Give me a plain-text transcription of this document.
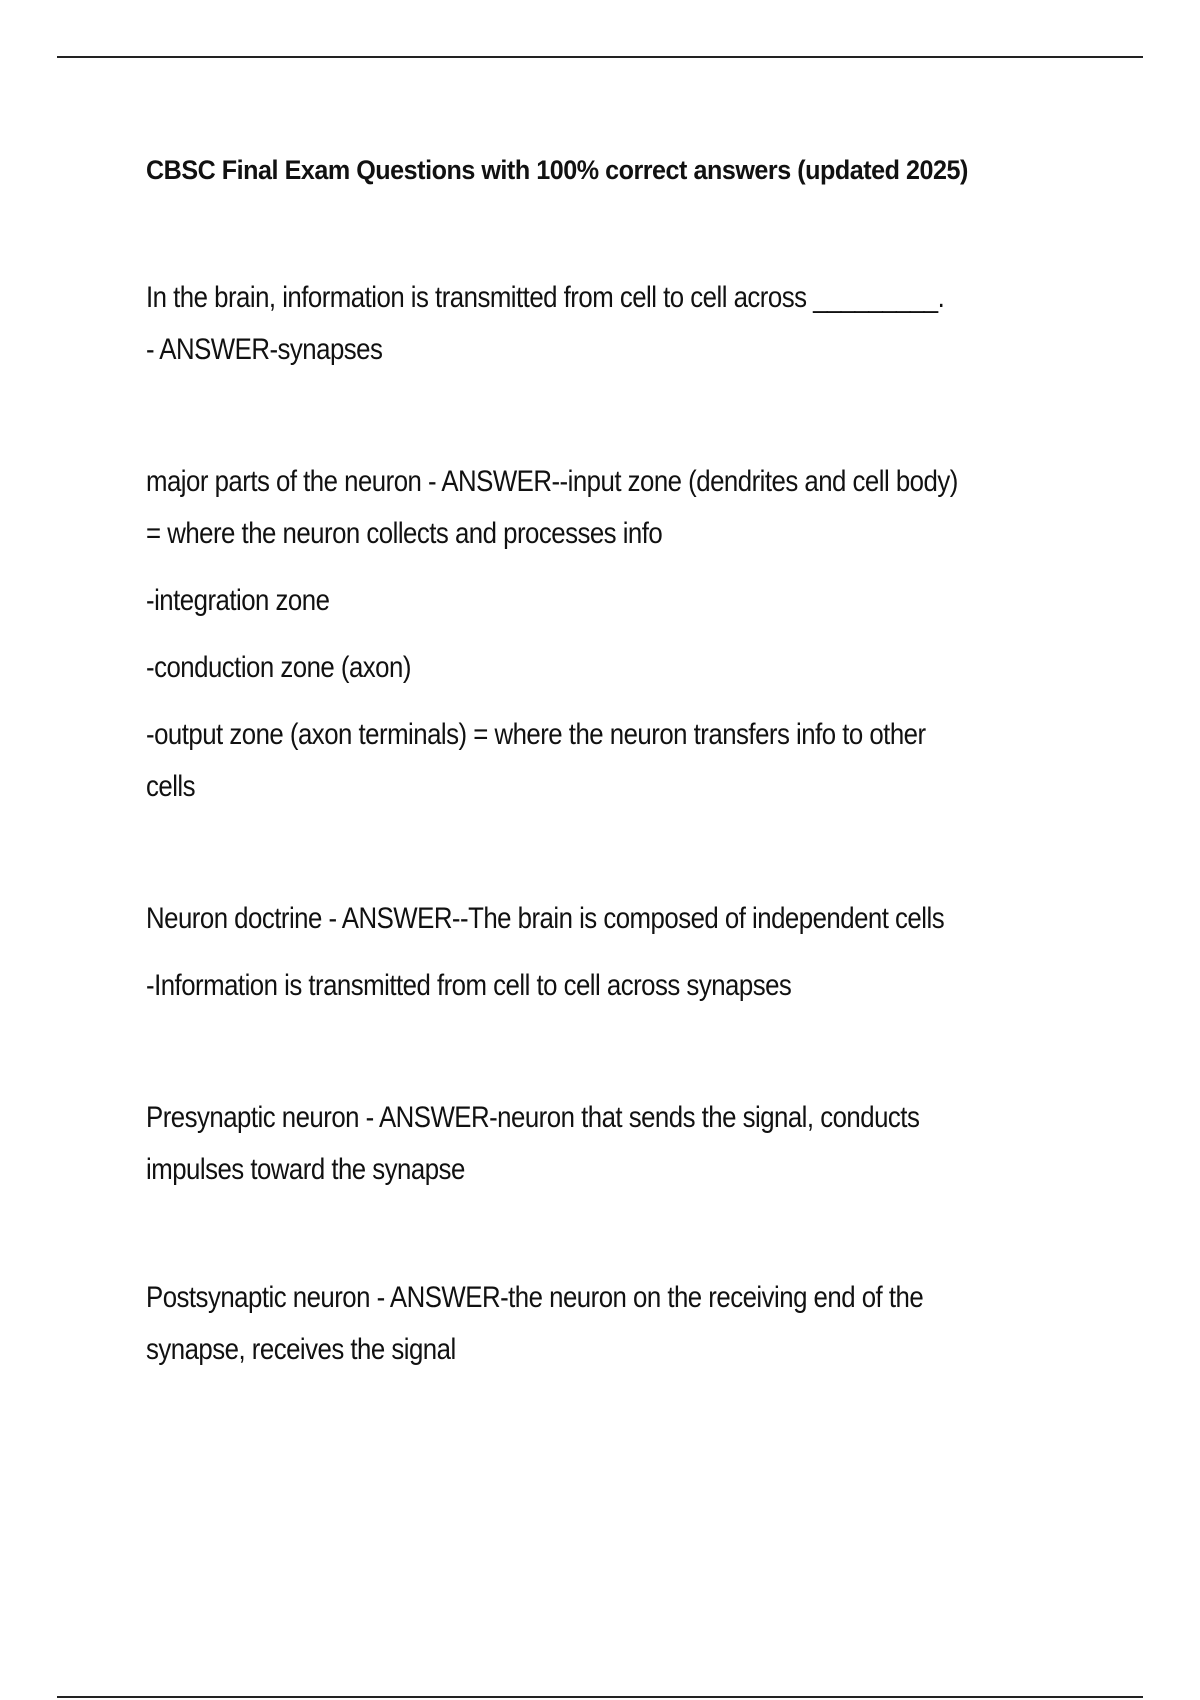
CBSC Final Exam Questions with 100% correct answers (updated 2025)

In the brain, information is transmitted from cell to cell across _________.

- ANSWER-synapses

major parts of the neuron - ANSWER--input zone (dendrites and cell body)

= where the neuron collects and processes info

-integration zone

-conduction zone (axon)

-output zone (axon terminals) = where the neuron transfers info to other

cells

Neuron doctrine - ANSWER--The brain is composed of independent cells

-Information is transmitted from cell to cell across synapses

Presynaptic neuron - ANSWER-neuron that sends the signal, conducts

impulses toward the synapse

Postsynaptic neuron - ANSWER-the neuron on the receiving end of the

synapse, receives the signal
